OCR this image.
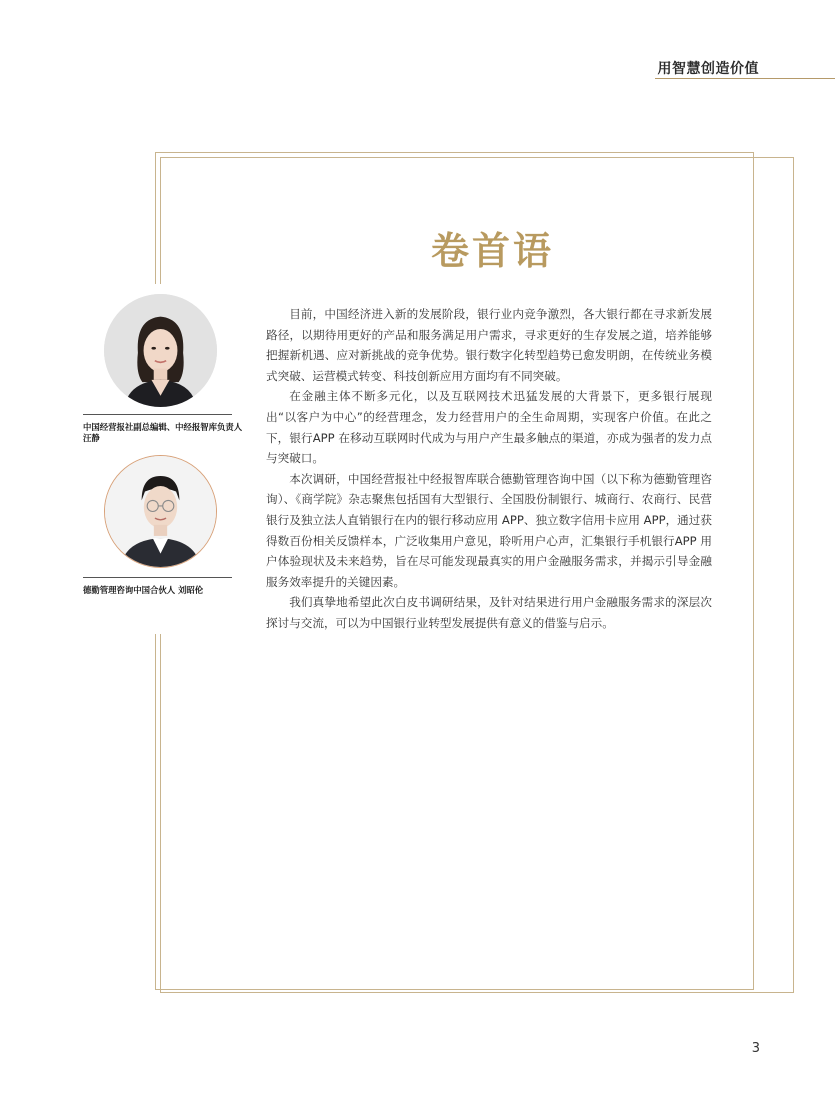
用智慧创造价值
卷首语

目前，中国经济进入新的发展阶段，银行业内竞争激烈，各大银行都在寻求新发展路径，以期待用更好的产品和服务满足用户需求，寻求更好的生存发展之道，培养能够把握新机遇、应对新挑战的竞争优势。银行数字化转型趋势已愈发明朗，在传统业务模式突破、运营模式转变、科技创新应用方面均有不同突破。

在金融主体不断多元化，以及互联网技术迅猛发展的大背景下，更多银行展现出“以客户为中心”的经营理念，发力经营用户的全生命周期，实现客户价值。在此之下，银行APP 在移动互联网时代成为与用户产生最多触点的渠道，亦成为强者的发力点与突破口。

本次调研，中国经营报社中经报智库联合德勤管理咨询中国（以下称为德勤管理咨询）、《商学院》杂志聚焦包括国有大型银行、全国股份制银行、城商行、农商行、民营银行及独立法人直销银行在内的银行移动应用 APP、独立数字信用卡应用 APP，通过获得数百份相关反馈样本，广泛收集用户意见，聆听用户心声，汇集银行手机银行APP 用户体验现状及未来趋势，旨在尽可能发现最真实的用户金融服务需求，并揭示引导金融服务效率提升的关键因素。

我们真挚地希望此次白皮书调研结果，及针对结果进行用户金融服务需求的深层次探讨与交流，可以为中国银行业转型发展提供有意义的借鉴与启示。

中国经营报社副总编辑、中经报智库负责人 汪静
德勤管理咨询中国合伙人 刘昭伦
3
